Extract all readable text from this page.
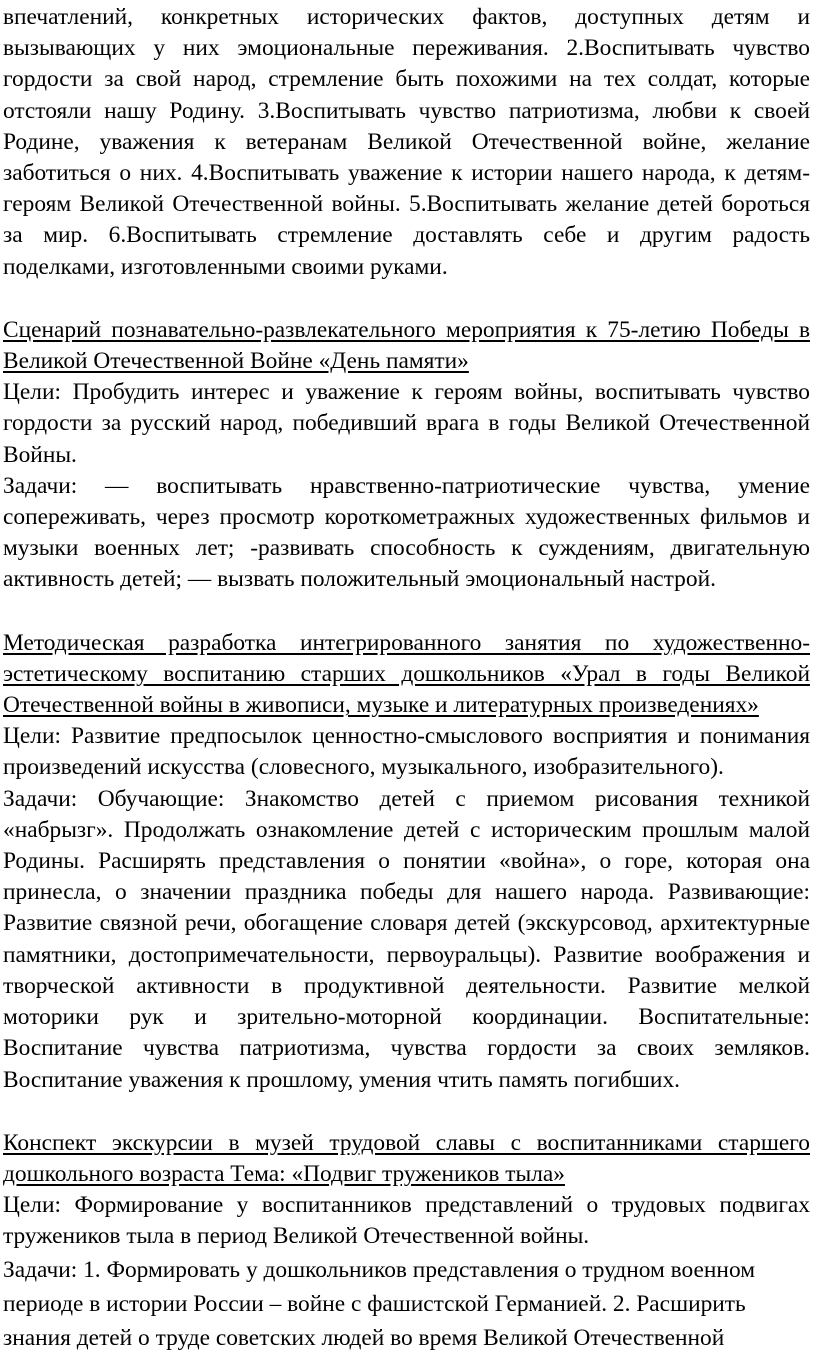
впечатлений, конкретных исторических фактов, доступных детям и вызывающих у них эмоциональные переживания. 2.Воспитывать чувство гордости за свой народ, стремление быть похожими на тех солдат, которые отстояли нашу Родину. 3.Воспитывать чувство патриотизма, любви к своей Родине, уважения к ветеранам Великой Отечественной войне, желание заботиться о них. 4.Воспитывать уважение к истории нашего народа, к детям-героям Великой Отечественной войны. 5.Воспитывать желание детей бороться за мир. 6.Воспитывать стремление доставлять себе и другим радость поделками, изготовленными своими руками.

Сценарий познавательно-развлекательного мероприятия к 75-летию Победы в Великой Отечественной Войне «День памяти»

Цели: Пробудить интерес и уважение к героям войны, воспитывать чувство гордости за русский народ, победивший врага в годы Великой Отечественной Войны.

Задачи: — воспитывать нравственно-патриотические чувства, умение сопереживать, через просмотр короткометражных художественных фильмов и музыки военных лет; -развивать способность к суждениям, двигательную активность детей; — вызвать положительный эмоциональный настрой.

Методическая разработка интегрированного занятия по художественно-эстетическому воспитанию старших дошкольников «Урал в годы Великой Отечественной войны в живописи, музыке и литературных произведениях»

Цели: Развитие предпосылок ценностно-смыслового восприятия и понимания произведений искусства (словесного, музыкального, изобразительного).

Задачи: Обучающие: Знакомство детей с приемом рисования техникой «набрызг». Продолжать ознакомление детей с историческим прошлым малой Родины. Расширять представления о понятии «война», о горе, которая она принесла, о значении праздника победы для нашего народа. Развивающие: Развитие связной речи, обогащение словаря детей (экскурсовод, архитектурные памятники, достопримечательности, первоуральцы). Развитие воображения и творческой активности в продуктивной деятельности. Развитие мелкой моторики рук и зрительно-моторной координации. Воспитательные: Воспитание чувства патриотизма, чувства гордости за своих земляков. Воспитание уважения к прошлому, умения чтить память погибших.

Конспект экскурсии в музей трудовой славы с воспитанниками старшего дошкольного возраста Тема: «Подвиг тружеников тыла»

Цели: Формирование у воспитанников представлений о трудовых подвигах тружеников тыла в период Великой Отечественной войны.

Задачи: 1. Формировать у дошкольников представления о трудном военном периоде в истории России – войне с фашистской Германией. 2. Расширить знания детей о труде советских людей во время Великой Отечественной
